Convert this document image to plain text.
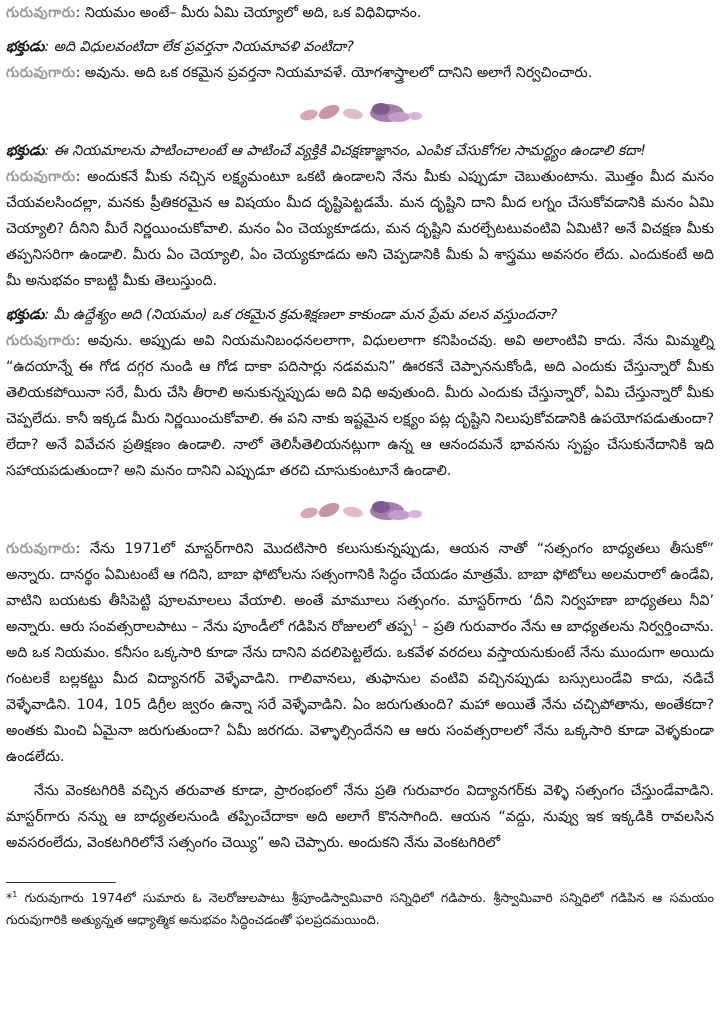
గురువుగారు: నియమం అంటే– మీరు ఏమి చెయ్యాలో అది, ఒక విధివిధానం.

భక్తుడు: అది విధులవంటిదా లేక ప్రవర్తనా నియమావళి వంటిదా?

గురువుగారు: అవును. అది ఒక రకమైన ప్రవర్తనా నియమావళే. యోగశాస్త్రాలలో దానిని అలాగే నిర్వచించారు.

భక్తుడు: ఈ నియమాలను పాటించాలంటే ఆ పాటించే వ్యక్తికి విచక్షణాజ్ఞానం, ఎంపిక చేసుకోగల సామర్థ్యం ఉండాలి కదా!

గురువుగారు: అందుకనే మీకు నచ్చిన లక్ష్యమంటూ ఒకటి ఉండాలని నేను మీకు ఎప్పుడూ చెబుతుంటాను. మొత్తం మీద మనం చేయవలసిందల్లా, మనకు ప్రీతికరమైన ఆ విషయం మీద దృష్టిపెట్టడమే. మన దృష్టిని దాని మీద లగ్నం చేసుకోవడానికి మనం ఏమి చెయ్యాలి? దీనిని మీరే నిర్ణయించుకోవాలి. మనం ఏం చెయ్యకూడదు, మన దృష్టిని మరల్చేటటువంటివి ఏమిటి? అనే విచక్షణ మీకు తప్పనిసరిగా ఉండాలి. మీరు ఏం చెయ్యాలి, ఏం చెయ్యకూడదు అని చెప్పడానికి మీకు ఏ శాస్త్రము అవసరం లేదు. ఎందుకంటే అది మీ అనుభవం కాబట్టి మీకు తెలుస్తుంది.

భక్తుడు: మీ ఉద్దేశ్యం అది (నియమం) ఒక రకమైన క్రమశిక్షణలా కాకుండా మన ప్రేమ వలన వస్తుందనా?

గురువుగారు: అవును. అప్పుడు అవి నియమనిబంధనలలాగా, విధులలాగా కనిపించవు. అవి అలాంటివి కాదు. నేను మిమ్మల్ని “ఉదయాన్నే ఈ గోడ దగ్గర నుండి ఆ గోడ దాకా పదిసార్లు నడవమని” ఊరకనే చెప్పాననుకోండి, అది ఎందుకు చేస్తున్నారో మీకు తెలియకపోయినా సరే, మీరు చేసి తీరాలి అనుకున్నప్పుడు అది విధి అవుతుంది. మీరు ఎందుకు చేస్తున్నారో, ఏమి చేస్తున్నారో మీకు చెప్పలేదు. కానీ ఇక్కడ మీరు నిర్ణయించుకోవాలి. ఈ పని నాకు ఇష్టమైన లక్ష్యం పట్ల దృష్టిని నిలుపుకోవడానికి ఉపయోగపడుతుందా? లేదా? అనే వివేచన ప్రతిక్షణం ఉండాలి. నాలో తెలిసీతెలియనట్లుగా ఉన్న ఆ ఆనందమనే భావనను స్పష్టం చేసుకునేదానికి ఇది సహాయపడుతుందా? అని మనం దానిని ఎప్పుడూ తరచి చూసుకుంటూనే ఉండాలి.

గురువుగారు: నేను 1971లో మాస్టర్‌గారిని మొదటిసారి కలుసుకున్నప్పుడు, ఆయన నాతో “సత్సంగం బాధ్యతలు తీసుకో” అన్నారు. దానర్థం ఏమిటంటే ఆ గదిని, బాబా ఫోటోలను సత్సంగానికి సిద్ధం చేయడం మాత్రమే. బాబా ఫోటోలు అలమరాలో ఉండేవి, వాటిని బయటకు తీసిపెట్టి పూలమాలలు వేయాలి. అంతే మామూలు సత్సంగం. మాస్టర్‌గారు ‘దీని నిర్వహణా బాధ్యతలు నీవి’ అన్నారు. ఆరు సంవత్సరాలపాటు – నేను పూండీలో గడిపిన రోజులలో తప్ప$^1$ – ప్రతి గురువారం నేను ఆ బాధ్యతలను నిర్వర్తించాను. అది ఒక నియమం. కనీసం ఒక్కసారి కూడా నేను దానిని వదలిపెట్టలేదు. ఒకవేళ వరదలు వస్తాయనుకుంటే నేను ముందుగా అయిదు గంటలకే బల్లకట్టు మీద విద్యానగర్ వెళ్ళేవాడిని. గాలివానలు, తుఫానుల వంటివి వచ్చినప్పుడు బస్సులుండేవి కాదు, నడిచే వెళ్ళేవాడిని. 104, 105 డిగ్రీల జ్వరం ఉన్నా సరే వెళ్ళేవాడిని. ఏం జరుగుతుంది? మహా అయితే నేను చచ్చిపోతాను, అంతేకదా? అంతకు మించి ఏమైనా జరుగుతుందా? ఏమీ జరగదు. వెళ్ళాల్సిందేనని ఆ ఆరు సంవత్సరాలలో నేను ఒక్కసారి కూడా వెళ్ళకుండా ఉండలేదు.

నేను వెంకటగిరికి వచ్చిన తరువాత కూడా, ప్రారంభంలో నేను ప్రతి గురువారం విద్యానగర్‌కు వెళ్ళి సత్సంగం చేస్తుండేవాడిని. మాస్టర్‌గారు నన్ను ఆ బాధ్యతలనుండి తప్పించేదాకా అది అలాగే కొనసాగింది. ఆయన “వద్దు, నువ్వు ఇక ఇక్కడికి రావలసిన అవసరంలేదు, వెంకటగిరిలోనే సత్సంగం చెయ్యి” అని చెప్పారు. అందుకని నేను వెంకటగిరిలో

*$^1$ గురువుగారు 1974లో సుమారు ఓ నెలరోజులపాటు శ్రీపూండిస్వామివారి సన్నిధిలో గడిపారు. శ్రీస్వామివారి సన్నిధిలో గడిపిన ఆ సమయం గురువుగారికి అత్యున్నత ఆధ్యాత్మిక అనుభవం సిద్ధించడంతో ఫలప్రదమయింది.
